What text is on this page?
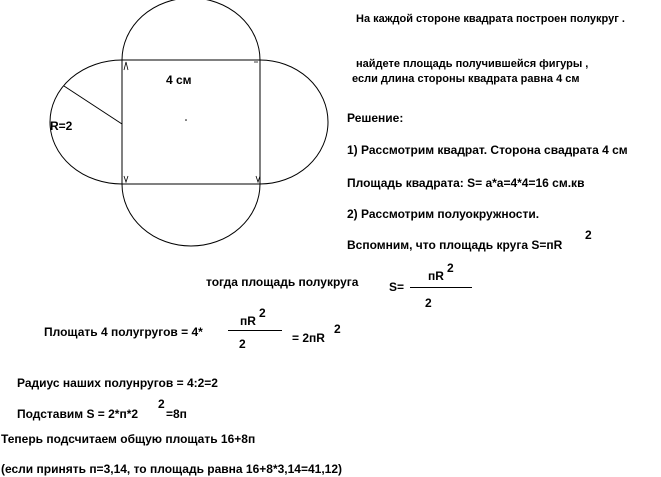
4 см
R=2

На каждой стороне квадрата построен полукруг .

найдете площадь получившейся фигуры ,

если длина стороны квадрата равна 4 см

Решение:

1) Рассмотрим квадрат. Сторона свадрата 4 см

Площадь квадрата: S= a*a=4*4=16 см.кв

2) Рассмотрим полуокружности.

Вспомним, что площадь круга S=пR

2

тогда площадь полукруга	S=

пR

2

2

Площать 4 полугругов = 4*

пR

2

2	= 2пR

2

Радиус наших полунругов = 4:2=2

Подставим S = 2*п*2

2

=8п

Теперь подсчитаем общую площать 16+8п

(если принять п=3,14, то площадь равна 16+8*3,14=41,12)
